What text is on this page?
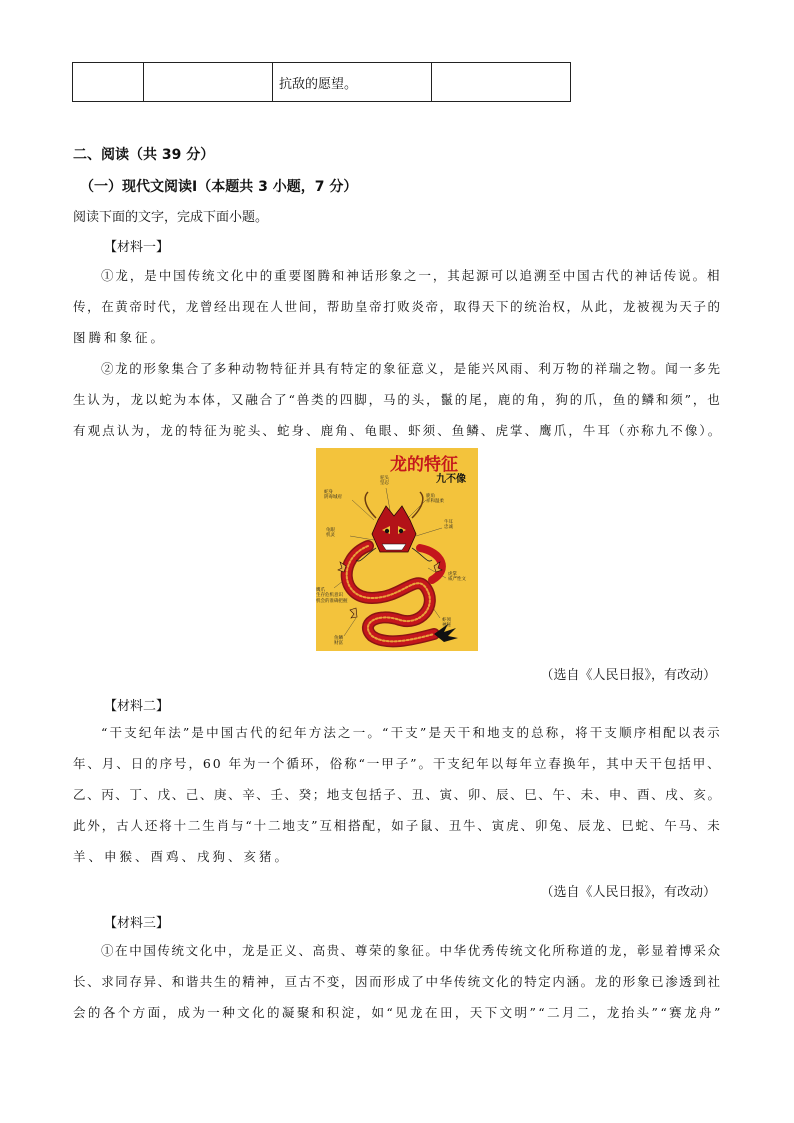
抗敌的愿望。
二、阅读（共 39 分）
（一）现代文阅读Ⅰ（本题共 3 小题，7 分）
阅读下面的文字，完成下面小题。
【材料一】
①龙，是中国传统文化中的重要图腾和神话形象之一，其起源可以追溯至中国古代的神话传说。相
传，在黄帝时代，龙曾经出现在人世间，帮助皇帝打败炎帝，取得天下的统治权，从此，龙被视为天子的
图腾和象征。
②龙的形象集合了多种动物特征并具有特定的象征意义，是能兴风雨、利万物的祥瑞之物。闻一多先
生认为，龙以蛇为本体，又融合了“兽类的四脚，马的头，鬣的尾，鹿的角，狗的爪，鱼的鳞和须”，也
有观点认为，龙的特征为驼头、蛇身、鹿角、龟眼、虾须、鱼鳞、虎掌、鹰爪，牛耳（亦称九不像）。
龙的特征
九不像
驼头
坚忍
蛇身
阴毒城府	鹿角
祥和温柔
牛耳
忠诚
龟眼
机灵
虎掌
威严性文
鹰爪
生存危机意识
机会的准确把握
虾须
神秘
鱼鳞
财富
（选自《人民日报》，有改动）
【材料二】
“干支纪年法”是中国古代的纪年方法之一。“干支”是天干和地支的总称，将干支顺序相配以表示
年、月、日的序号，60 年为一个循环，俗称“一甲子”。干支纪年以每年立春换年，其中天干包括甲、
乙、丙、丁、戊、己、庚、辛、壬、癸；地支包括子、丑、寅、卯、辰、巳、午、未、申、酉、戌、亥。
此外，古人还将十二生肖与“十二地支”互相搭配，如子鼠、丑牛、寅虎、卯兔、辰龙、巳蛇、午马、未
羊、申猴、酉鸡、戌狗、亥猪。
（选自《人民日报》，有改动）
【材料三】
①在中国传统文化中，龙是正义、高贵、尊荣的象征。中华优秀传统文化所称道的龙，彰显着博采众
长、求同存异、和谐共生的精神，亘古不变，因而形成了中华传统文化的特定内涵。龙的形象已渗透到社
会的各个方面，成为一种文化的凝聚和积淀，如“见龙在田，天下文明”“二月二，龙抬头”“赛龙舟”
